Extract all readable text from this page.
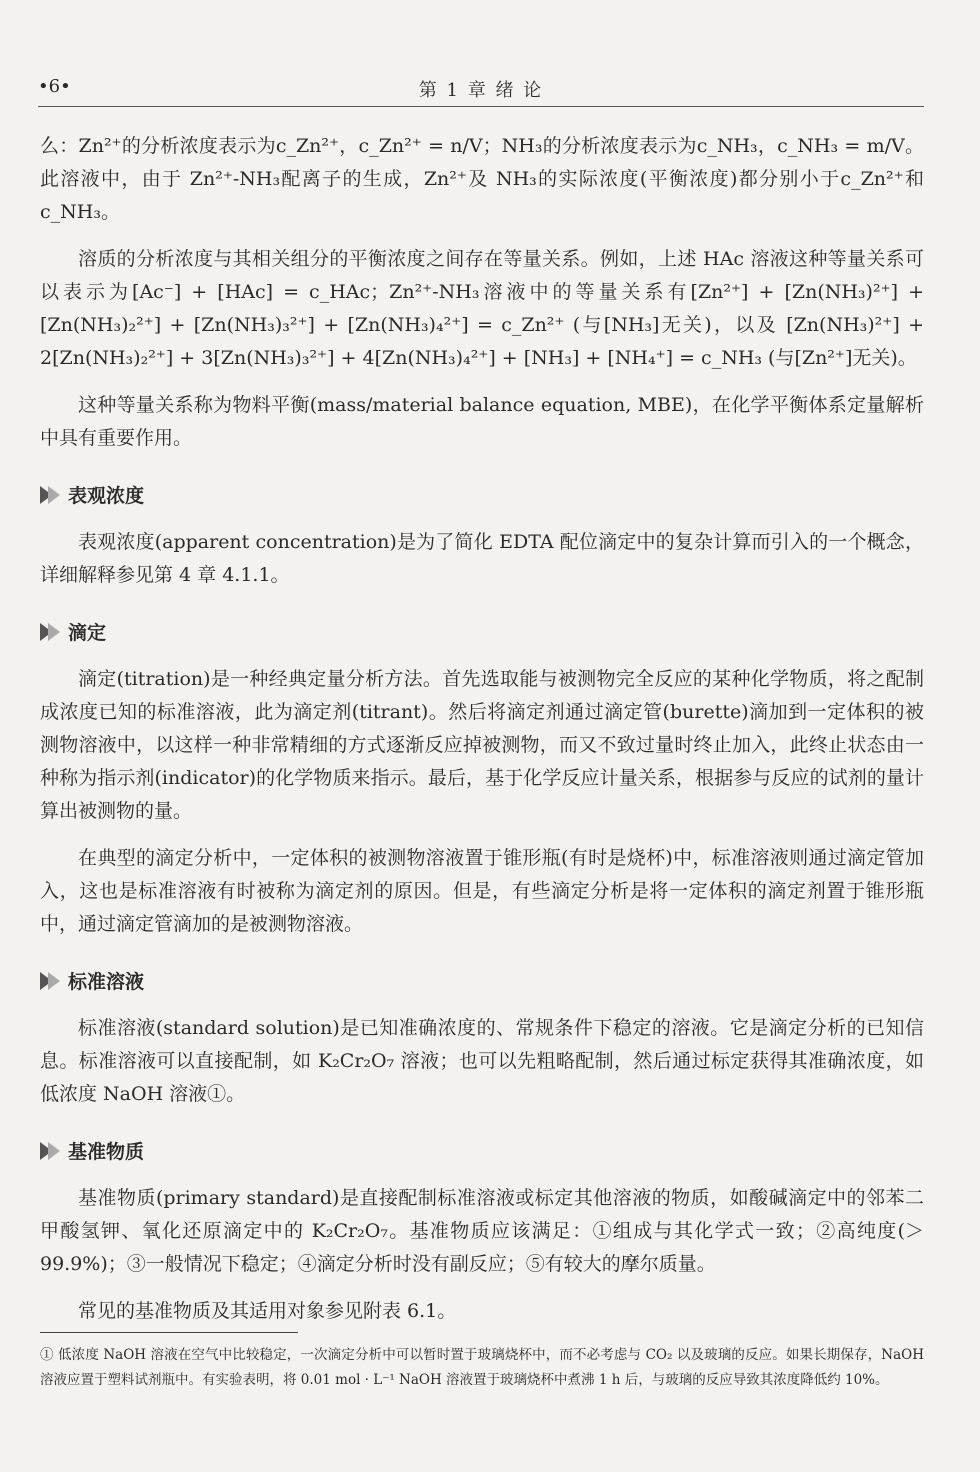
•6•	第 1 章 绪 论

么：Zn²⁺的分析浓度表示为c_Zn²⁺，c_Zn²⁺ = n/V；NH₃的分析浓度表示为c_NH₃，c_NH₃ = m/V。此溶液中，由于 Zn²⁺-NH₃配离子的生成，Zn²⁺及 NH₃的实际浓度(平衡浓度)都分别小于c_Zn²⁺和c_NH₃。

溶质的分析浓度与其相关组分的平衡浓度之间存在等量关系。例如，上述 HAc 溶液这种等量关系可以表示为[Ac⁻] + [HAc] = c_HAc；Zn²⁺-NH₃溶液中的等量关系有[Zn²⁺] + [Zn(NH₃)²⁺] + [Zn(NH₃)₂²⁺] + [Zn(NH₃)₃²⁺] + [Zn(NH₃)₄²⁺] = c_Zn²⁺ (与[NH₃]无关)，以及 [Zn(NH₃)²⁺] + 2[Zn(NH₃)₂²⁺] + 3[Zn(NH₃)₃²⁺] + 4[Zn(NH₃)₄²⁺] + [NH₃] + [NH₄⁺] = c_NH₃ (与[Zn²⁺]无关)。

这种等量关系称为物料平衡(mass/material balance equation, MBE)，在化学平衡体系定量解析中具有重要作用。

表观浓度

表观浓度(apparent concentration)是为了简化 EDTA 配位滴定中的复杂计算而引入的一个概念，详细解释参见第 4 章 4.1.1。

滴定

滴定(titration)是一种经典定量分析方法。首先选取能与被测物完全反应的某种化学物质，将之配制成浓度已知的标准溶液，此为滴定剂(titrant)。然后将滴定剂通过滴定管(burette)滴加到一定体积的被测物溶液中，以这样一种非常精细的方式逐渐反应掉被测物，而又不致过量时终止加入，此终止状态由一种称为指示剂(indicator)的化学物质来指示。最后，基于化学反应计量关系，根据参与反应的试剂的量计算出被测物的量。

在典型的滴定分析中，一定体积的被测物溶液置于锥形瓶(有时是烧杯)中，标准溶液则通过滴定管加入，这也是标准溶液有时被称为滴定剂的原因。但是，有些滴定分析是将一定体积的滴定剂置于锥形瓶中，通过滴定管滴加的是被测物溶液。

标准溶液

标准溶液(standard solution)是已知准确浓度的、常规条件下稳定的溶液。它是滴定分析的已知信息。标准溶液可以直接配制，如 K₂Cr₂O₇ 溶液；也可以先粗略配制，然后通过标定获得其准确浓度，如低浓度 NaOH 溶液①。

基准物质

基准物质(primary standard)是直接配制标准溶液或标定其他溶液的物质，如酸碱滴定中的邻苯二甲酸氢钾、氧化还原滴定中的 K₂Cr₂O₇。基准物质应该满足：①组成与其化学式一致；②高纯度(＞99.9%)；③一般情况下稳定；④滴定分析时没有副反应；⑤有较大的摩尔质量。

常见的基准物质及其适用对象参见附表 6.1。

① 低浓度 NaOH 溶液在空气中比较稳定，一次滴定分析中可以暂时置于玻璃烧杯中，而不必考虑与 CO₂ 以及玻璃的反应。如果长期保存，NaOH 溶液应置于塑料试剂瓶中。有实验表明，将 0.01 mol · L⁻¹ NaOH 溶液置于玻璃烧杯中煮沸 1 h 后，与玻璃的反应导致其浓度降低约 10%。
